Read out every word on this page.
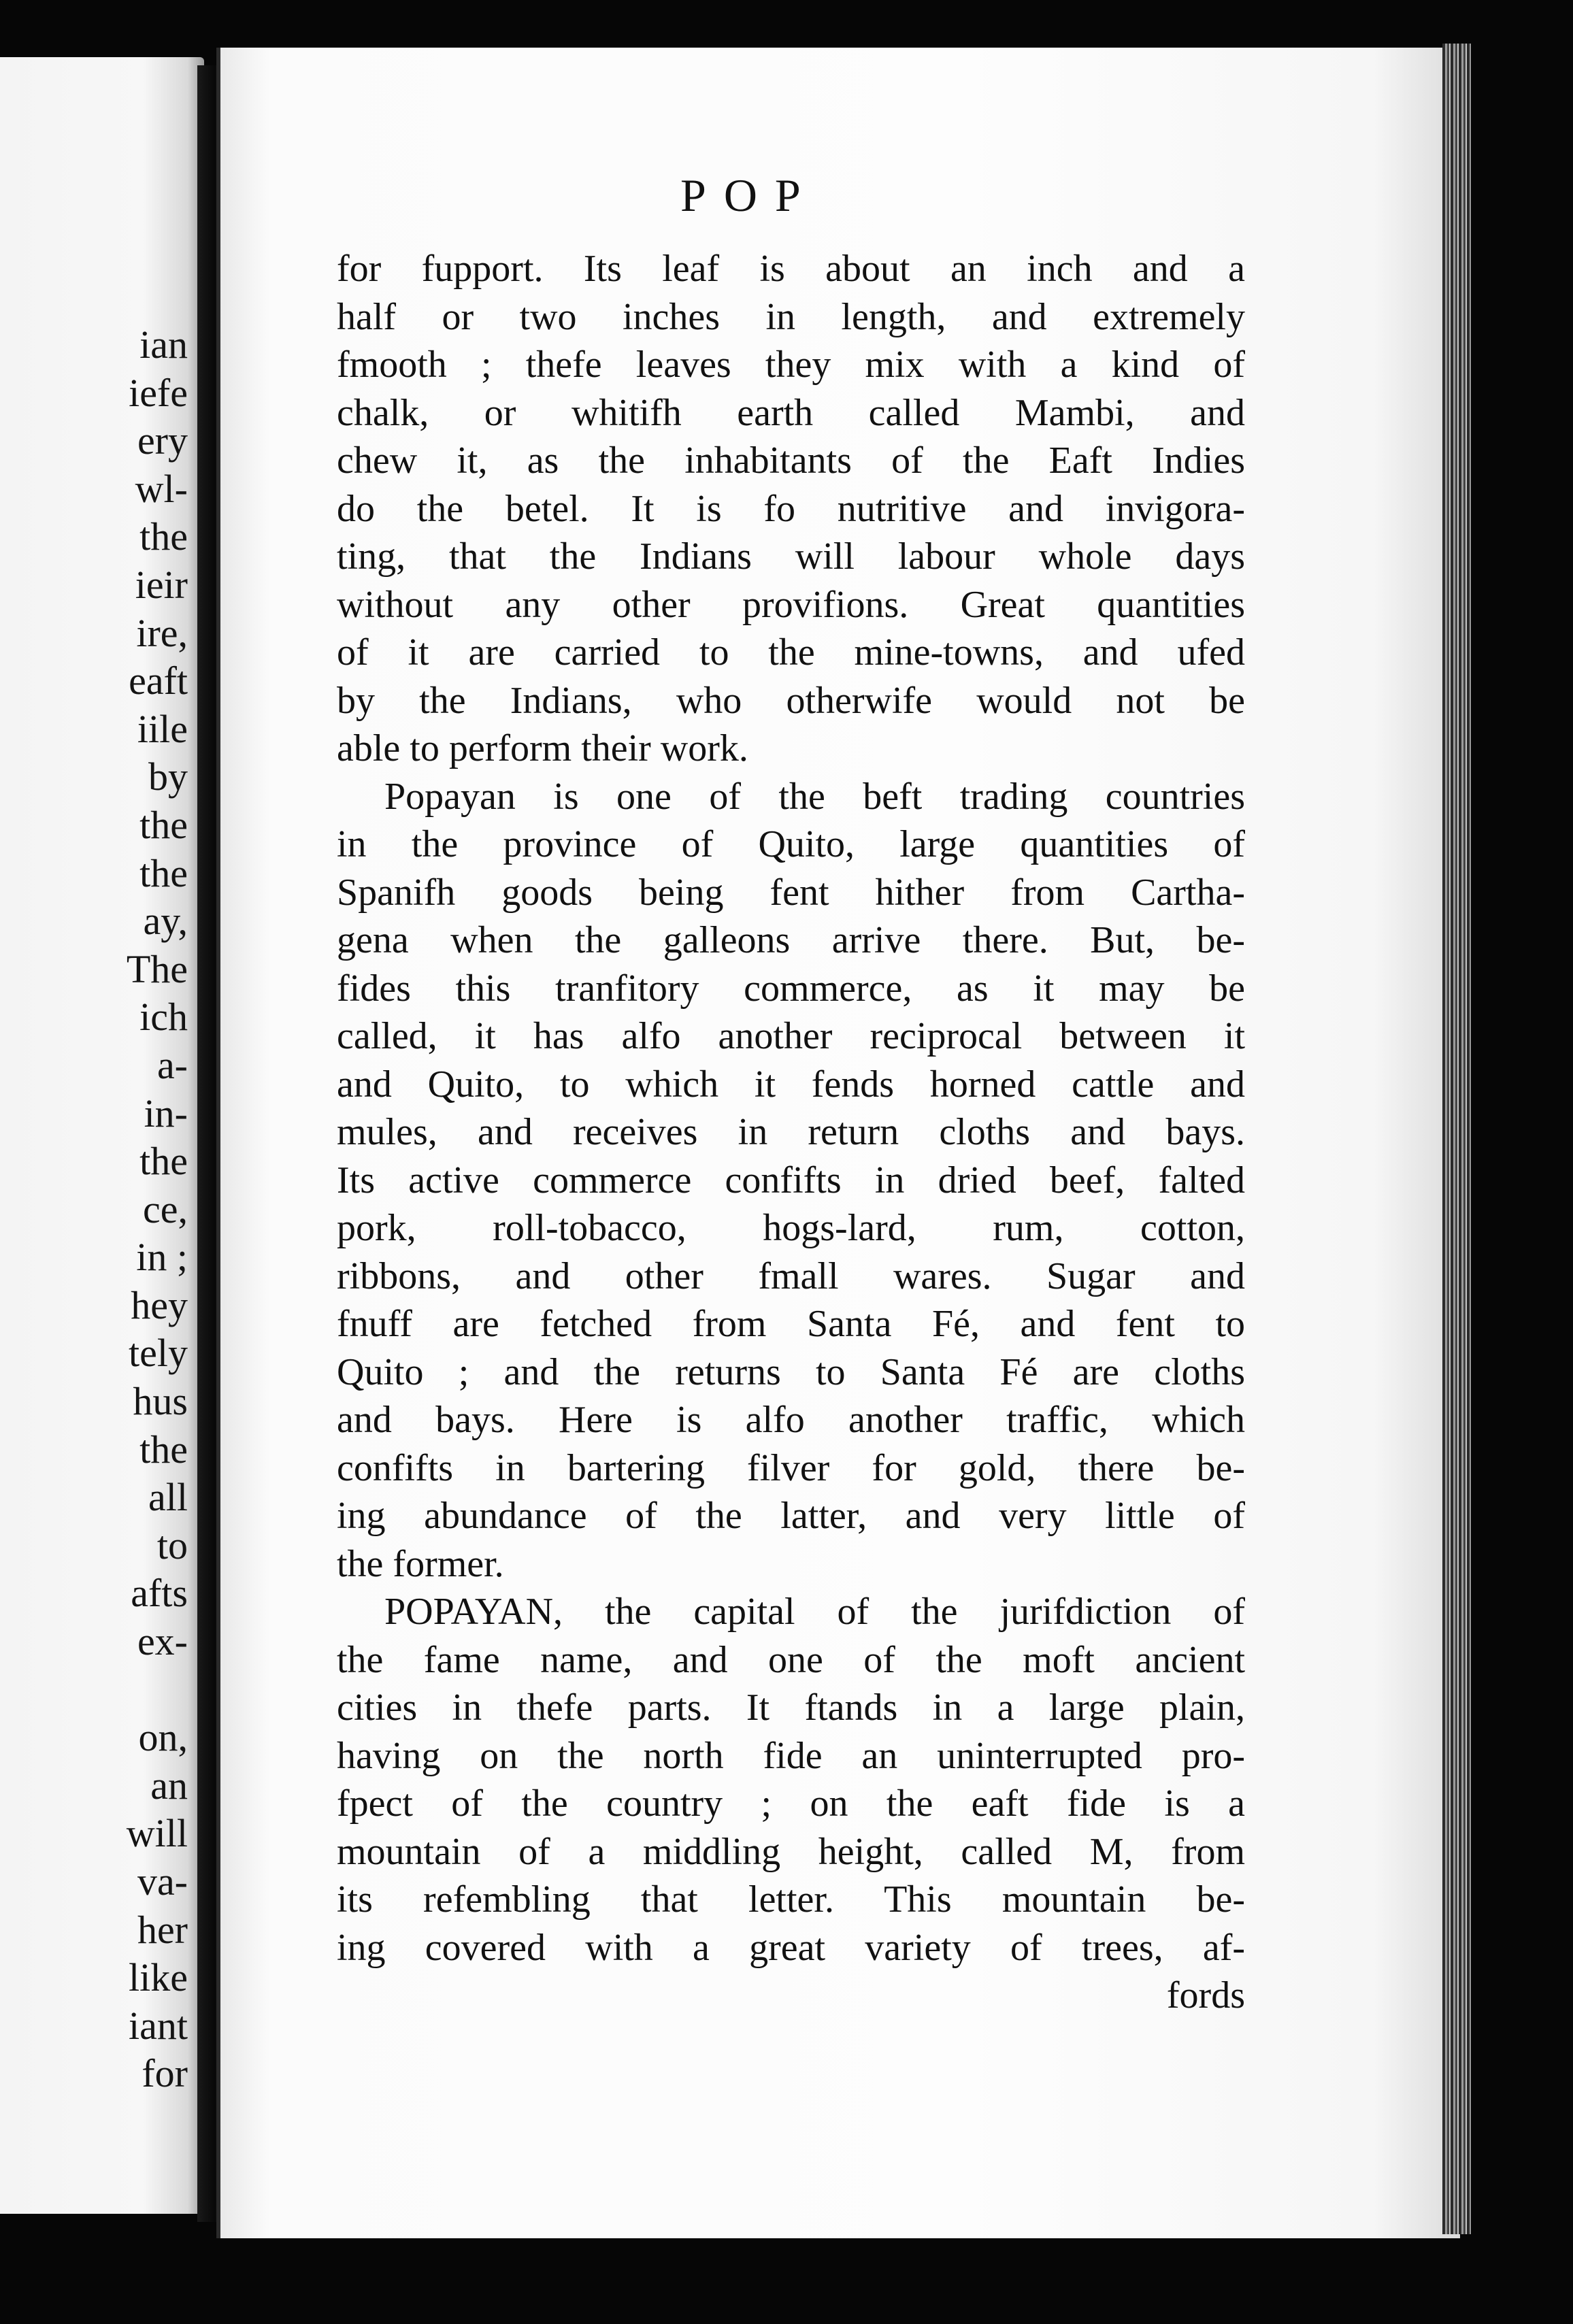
ian
iefe
ery
wl-
the
ieir
ire,
eaft
iile
by
the
the
ay,
The
ich
a-
in-
the
ce,
in ;
hey
tely
hus
the
all
to
afts
ex-

on,
an
will
va-
her
like
iant
for
POP
for fupport. Its leaf is about an inch and a
half or two inches in length, and extremely
fmooth ; thefe leaves they mix with a kind of
chalk, or whitifh earth called Mambi, and
chew it, as the inhabitants of the Eaft Indies
do the betel. It is fo nutritive and invigora-
ting, that the Indians will labour whole days
without any other provifions. Great quantities
of it are carried to the mine-towns, and ufed
by the Indians, who otherwife would not be
able to perform their work.
Popayan is one of the beft trading countries
in the province of Quito, large quantities of
Spanifh goods being fent hither from Cartha-
gena when the galleons arrive there. But, be-
fides this tranfitory commerce, as it may be
called, it has alfo another reciprocal between it
and Quito, to which it fends horned cattle and
mules, and receives in return cloths and bays.
Its active commerce confifts in dried beef, falted
pork, roll-tobacco, hogs-lard, rum, cotton,
ribbons, and other fmall wares. Sugar and
fnuff are fetched from Santa Fé, and fent to
Quito ; and the returns to Santa Fé are cloths
and bays. Here is alfo another traffic, which
confifts in bartering filver for gold, there be-
ing abundance of the latter, and very little of
the former.
POPAYAN, the capital of the jurifdiction of
the fame name, and one of the moft ancient
cities in thefe parts. It ftands in a large plain,
having on the north fide an uninterrupted pro-
fpect of the country ; on the eaft fide is a
mountain of a middling height, called M, from
its refembling that letter. This mountain be-
ing covered with a great variety of trees, af-
fords
